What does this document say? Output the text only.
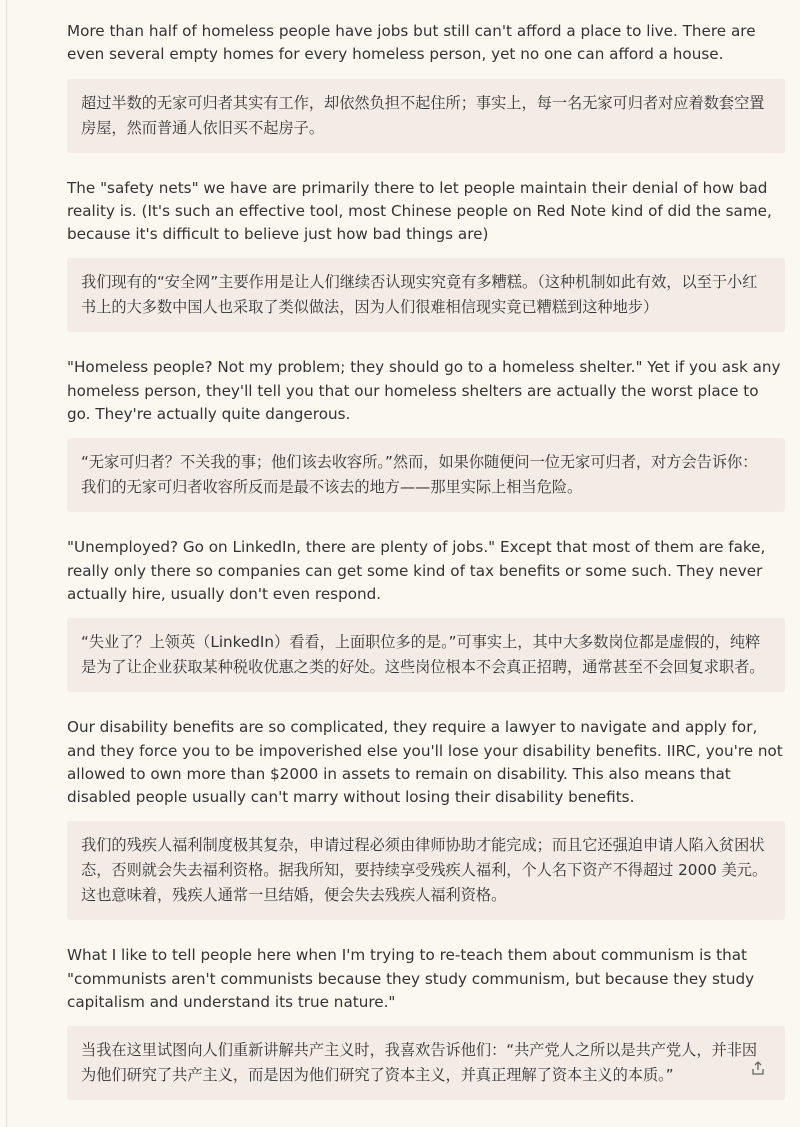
More than half of homeless people have jobs but still can't afford a place to live. There are even several empty homes for every homeless person, yet no one can afford a house.

超过半数的无家可归者其实有工作，却依然负担不起住所；事实上，每一名无家可归者对应着数套空置房屋，然而普通人依旧买不起房子。

The "safety nets" we have are primarily there to let people maintain their denial of how bad reality is. (It's such an effective tool, most Chinese people on Red Note kind of did the same, because it's difficult to believe just how bad things are)

我们现有的“安全网”主要作用是让人们继续否认现实究竟有多糟糕。（这种机制如此有效，以至于小红书上的大多数中国人也采取了类似做法，因为人们很难相信现实竟已糟糕到这种地步）

"Homeless people? Not my problem; they should go to a homeless shelter." Yet if you ask any homeless person, they'll tell you that our homeless shelters are actually the worst place to go. They're actually quite dangerous.

“无家可归者？不关我的事；他们该去收容所。”然而，如果你随便问一位无家可归者，对方会告诉你：我们的无家可归者收容所反而是最不该去的地方——那里实际上相当危险。

"Unemployed? Go on LinkedIn, there are plenty of jobs." Except that most of them are fake, really only there so companies can get some kind of tax benefits or some such. They never actually hire, usually don't even respond.

“失业了？上领英（LinkedIn）看看，上面职位多的是。”可事实上，其中大多数岗位都是虚假的，纯粹是为了让企业获取某种税收优惠之类的好处。这些岗位根本不会真正招聘，通常甚至不会回复求职者。

Our disability benefits are so complicated, they require a lawyer to navigate and apply for, and they force you to be impoverished else you'll lose your disability benefits. IIRC, you're not allowed to own more than $2000 in assets to remain on disability. This also means that disabled people usually can't marry without losing their disability benefits.

我们的残疾人福利制度极其复杂，申请过程必须由律师协助才能完成；而且它还强迫申请人陷入贫困状态，否则就会失去福利资格。据我所知，要持续享受残疾人福利，个人名下资产不得超过 2000 美元。这也意味着，残疾人通常一旦结婚，便会失去残疾人福利资格。

What I like to tell people here when I'm trying to re-teach them about communism is that "communists aren't communists because they study communism, but because they study capitalism and understand its true nature."

当我在这里试图向人们重新讲解共产主义时，我喜欢告诉他们：“共产党人之所以是共产党人，并非因为他们研究了共产主义，而是因为他们研究了资本主义，并真正理解了资本主义的本质。”
